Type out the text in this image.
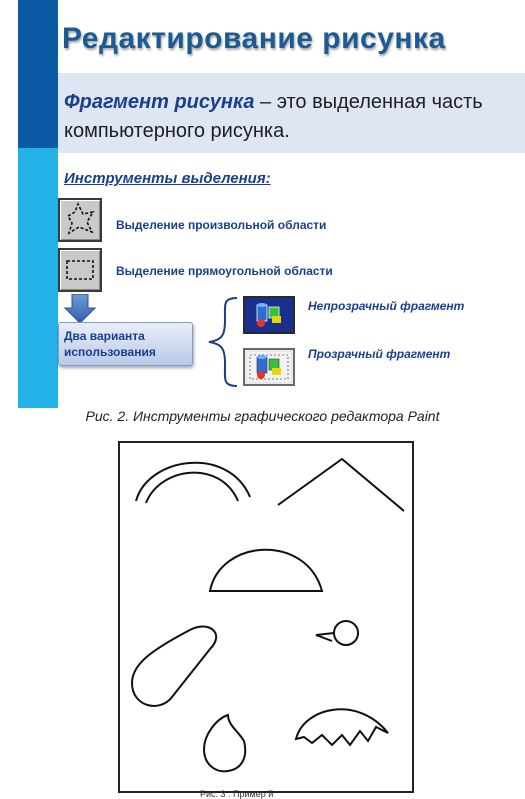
Редактирование рисунка
Фрагмент рисунка – это выделенная часть компьютерного рисунка.
Инструменты выделения:
Выделение произвольной области
Выделение прямоугольной области
Два варианта использования
Непрозрачный фрагмент
Прозрачный фрагмент
Рис. 2. Инструменты графического редактора Paint
Рис. 3 . Пример й
